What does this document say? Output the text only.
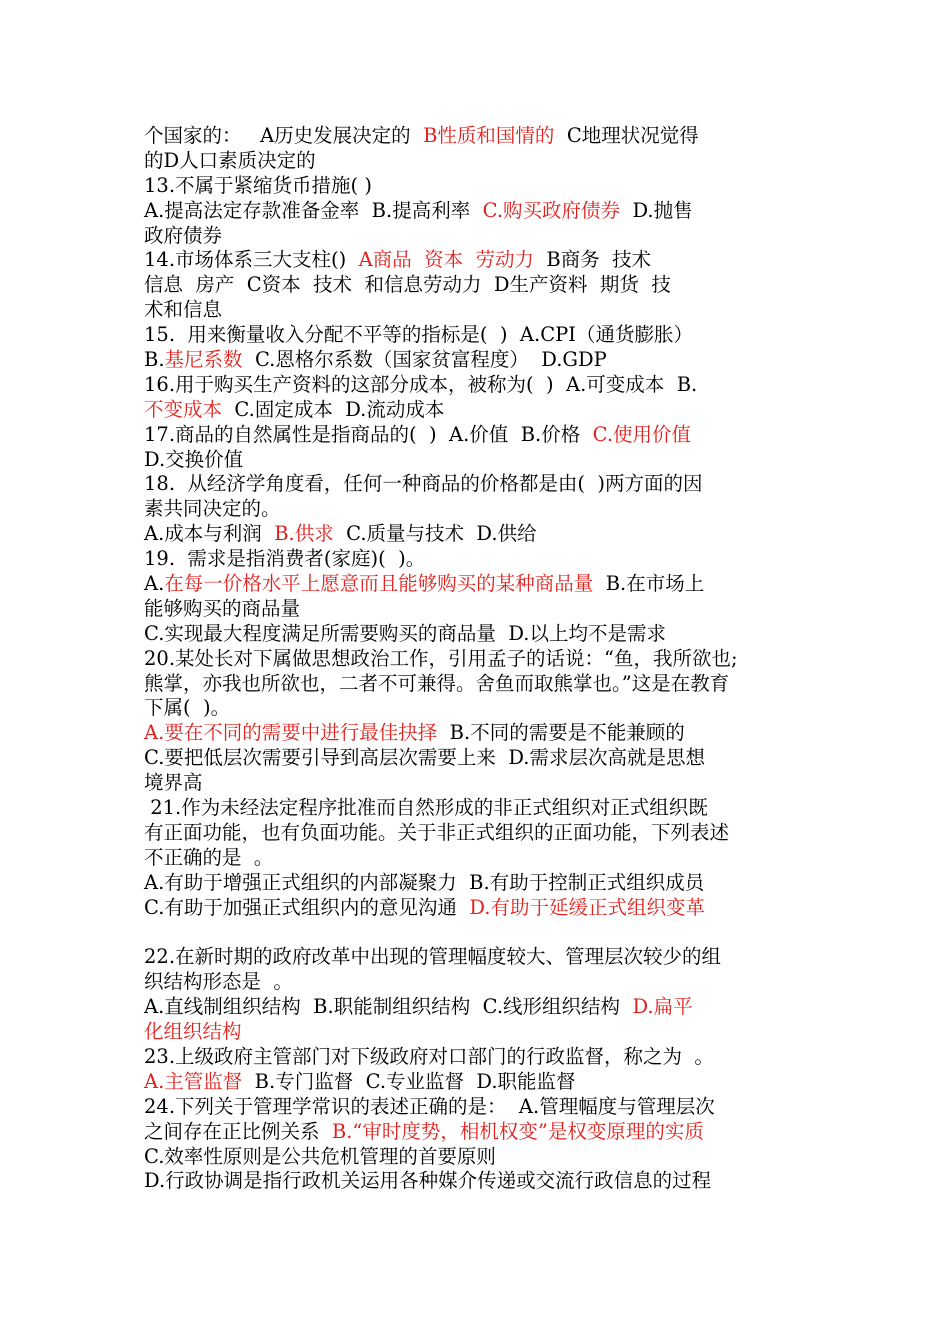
个国家的：   A历史发展决定的  B性质和国情的  C地理状况觉得
的D人口素质决定的
13.不属于紧缩货币措施( )
A.提高法定存款准备金率  B.提高利率  C.购买政府债券  D.抛售
政府债券
14.市场体系三大支柱()  A商品  资本  劳动力  B商务  技术
信息  房产  C资本  技术  和信息劳动力  D生产资料  期货  技
术和信息
15.  用来衡量收入分配不平等的指标是(  )  A.CPI（通货膨胀）
B.基尼系数  C.恩格尔系数（国家贫富程度）  D.GDP
16.用于购买生产资料的这部分成本，被称为(  )  A.可变成本  B.
不变成本  C.固定成本  D.流动成本
17.商品的自然属性是指商品的(  )  A.价值  B.价格  C.使用价值
D.交换价值
18.  从经济学角度看，任何一种商品的价格都是由(  )两方面的因
素共同决定的。
A.成本与利润  B.供求  C.质量与技术  D.供给
19.  需求是指消费者(家庭)(  )。
A.在每一价格水平上愿意而且能够购买的某种商品量  B.在市场上
能够购买的商品量
C.实现最大程度满足所需要购买的商品量  D.以上均不是需求
20.某处长对下属做思想政治工作，引用孟子的话说：“鱼，我所欲也;
熊掌，亦我也所欲也，二者不可兼得。舍鱼而取熊掌也。”这是在教育
下属(  )。
A.要在不同的需要中进行最佳抉择  B.不同的需要是不能兼顾的
C.要把低层次需要引导到高层次需要上来  D.需求层次高就是思想
境界高
21.作为未经法定程序批准而自然形成的非正式组织对正式组织既
有正面功能，也有负面功能。关于非正式组织的正面功能，下列表述
不正确的是  。
A.有助于增强正式组织的内部凝聚力  B.有助于控制正式组织成员
C.有助于加强正式组织内的意见沟通  D.有助于延缓正式组织变革
22.在新时期的政府改革中出现的管理幅度较大、管理层次较少的组
织结构形态是  。
A.直线制组织结构  B.职能制组织结构  C.线形组织结构  D.扁平
化组织结构
23.上级政府主管部门对下级政府对口部门的行政监督，称之为  。
A.主管监督  B.专门监督  C.专业监督  D.职能监督
24.下列关于管理学常识的表述正确的是：  A.管理幅度与管理层次
之间存在正比例关系  B.“审时度势，相机权变”是权变原理的实质
C.效率性原则是公共危机管理的首要原则
D.行政协调是指行政机关运用各种媒介传递或交流行政信息的过程
